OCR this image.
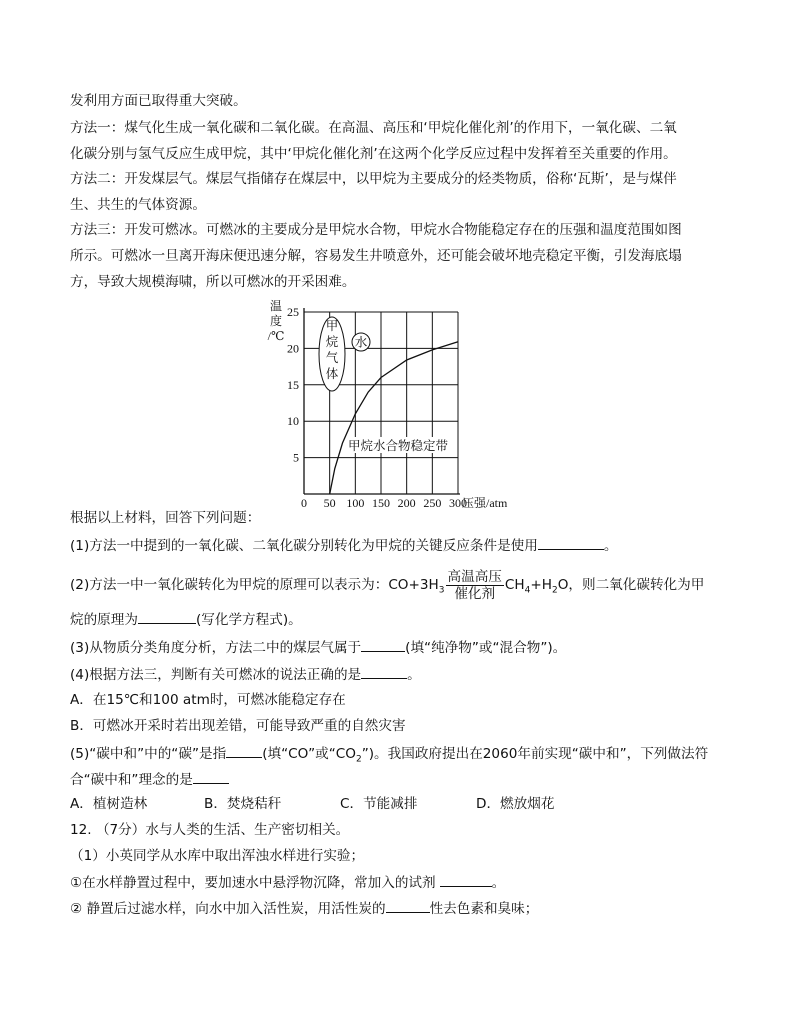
发利用方面已取得重大突破。
方法一：煤气化生成一氧化碳和二氧化碳。在高温、高压和‘甲烷化催化剂’的作用下，一氧化碳、二氧
化碳分别与氢气反应生成甲烷，其中‘甲烷化催化剂’在这两个化学反应过程中发挥着至关重要的作用。
方法二：开发煤层气。煤层气指储存在煤层中，以甲烷为主要成分的烃类物质，俗称‘瓦斯’，是与煤伴
生、共生的气体资源。
方法三：开发可燃冰。可燃冰的主要成分是甲烷水合物，甲烷水合物能稳定存在的压强和温度范围如图
所示。可燃冰一旦离开海床便迅速分解，容易发生井喷意外，还可能会破坏地壳稳定平衡，引发海底塌
方，导致大规模海啸，所以可燃冰的开采困难。
0 50 100 150 200 250 300
5
10
15
20
25
温
度
/℃
压强/atm
甲
烷
气
体
水
甲烷水合物稳定带
根据以上材料，回答下列问题：
(1)方法一中提到的一氧化碳、二氧化碳分别转化为甲烷的关键反应条件是使用	。
(2)方法一中一氧化碳转化为甲烷的原理可以表示为：$CO+3H_3 \frac{\text{高温高压}}{\text{催化剂}} CH_4+H_2O$，则二氧化碳转化为甲
烷的原理为	(写化学方程式)。
(3)从物质分类角度分析，方法二中的煤层气属于	(填“纯净物”或“混合物”)。
(4)根据方法三，判断有关可燃冰的说法正确的是	。
A．在15℃和100 atm时，可燃冰能稳定存在
B．可燃冰开采时若出现差错，可能导致严重的自然灾害
(5)“碳中和”中的“碳”是指	(填“CO”或“$CO_2$”)。我国政府提出在2060年前实现“碳中和”，下列做法符
合“碳中和”理念的是
A．植树造林	B．焚烧秸秆	C．节能减排	D．燃放烟花
12. （7分）水与人类的生活、生产密切相关。
（1）小英同学从水库中取出浑浊水样进行实验；
①在水样静置过程中，要加速水中悬浮物沉降，常加入的试剂	。
② 静置后过滤水样，向水中加入活性炭，用活性炭的	性去色素和臭味；
